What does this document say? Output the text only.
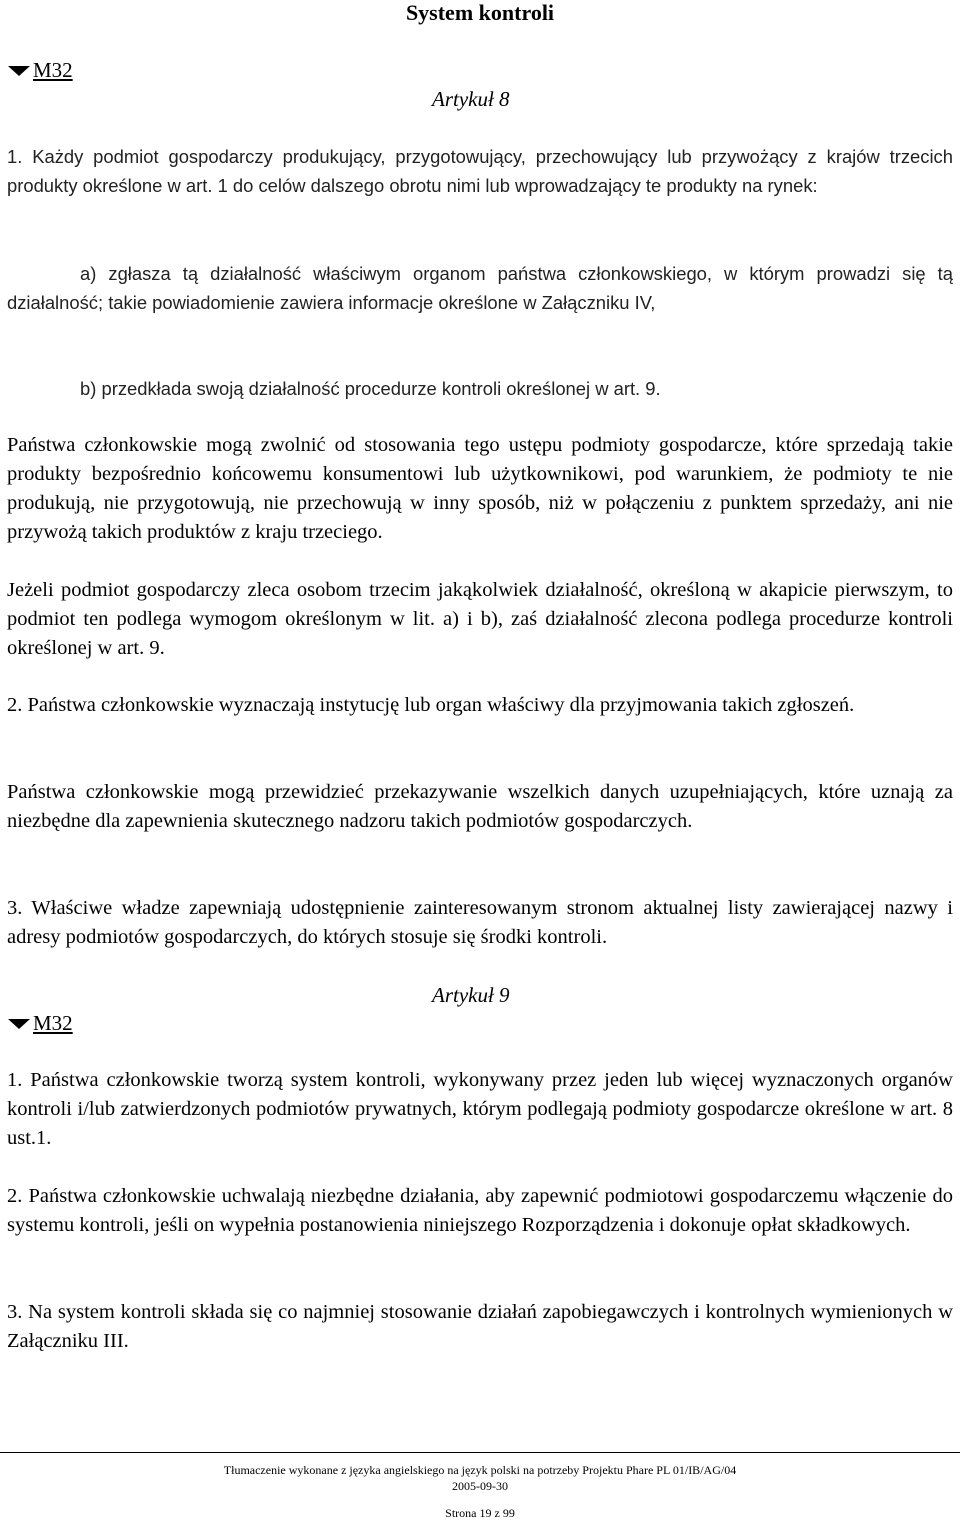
System kontroli
M32
Artykuł 8
1. Każdy podmiot gospodarczy produkujący, przygotowujący, przechowujący lub przywożący z krajów trzecich produkty określone w art. 1 do celów dalszego obrotu nimi lub wprowadzający te produkty na rynek:
a) zgłasza tą działalność właściwym organom państwa członkowskiego, w którym prowadzi się tą działalność; takie powiadomienie zawiera informacje określone w Załączniku IV,
b) przedkłada swoją działalność procedurze kontroli określonej w art. 9.
Państwa członkowskie mogą zwolnić od stosowania tego ustępu podmioty gospodarcze, które sprzedają takie produkty bezpośrednio końcowemu konsumentowi lub użytkownikowi, pod warunkiem, że podmioty te nie produkują, nie przygotowują, nie przechowują w inny sposób, niż w połączeniu z punktem sprzedaży, ani nie przywożą takich produktów z kraju trzeciego.
Jeżeli podmiot gospodarczy zleca osobom trzecim jakąkolwiek działalność, określoną w akapicie pierwszym, to podmiot ten podlega wymogom określonym w lit. a) i b), zaś działalność zlecona podlega procedurze kontroli określonej w art. 9.
2. Państwa członkowskie wyznaczają instytucję lub organ właściwy dla przyjmowania takich zgłoszeń.
Państwa członkowskie mogą przewidzieć przekazywanie wszelkich danych uzupełniających, które uznają za niezbędne dla zapewnienia skutecznego nadzoru takich podmiotów gospodarczych.
3. Właściwe władze zapewniają udostępnienie zainteresowanym stronom aktualnej listy zawierającej nazwy i adresy podmiotów gospodarczych, do których stosuje się środki kontroli.
Artykuł 9
M32
1. Państwa członkowskie tworzą system kontroli, wykonywany przez jeden lub więcej wyznaczonych organów kontroli i/lub zatwierdzonych podmiotów prywatnych, którym podlegają podmioty gospodarcze określone w art. 8 ust.1.
2. Państwa członkowskie uchwalają niezbędne działania, aby zapewnić podmiotowi gospodarczemu włączenie do systemu kontroli, jeśli on wypełnia postanowienia niniejszego Rozporządzenia i dokonuje opłat składkowych.
3. Na system kontroli składa się co najmniej stosowanie działań zapobiegawczych i kontrolnych wymienionych w Załączniku III.
Tłumaczenie wykonane z języka angielskiego na język polski na potrzeby Projektu Phare PL 01/IB/AG/04
2005-09-30
Strona 19 z 99
